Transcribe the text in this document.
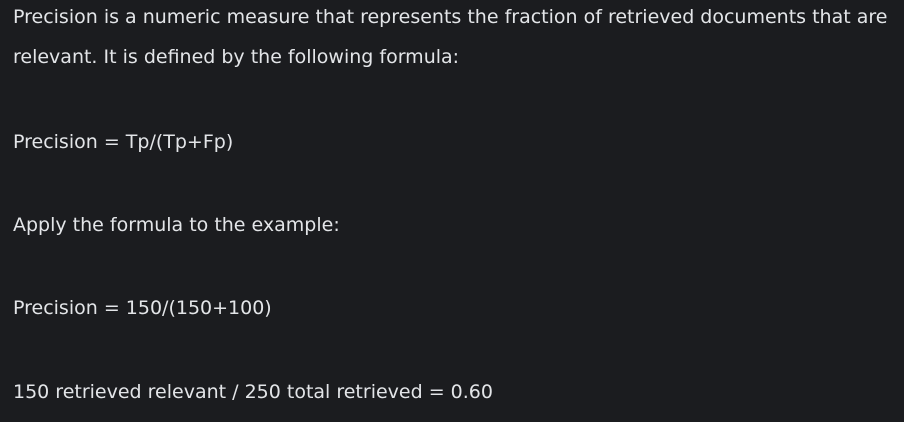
Precision is a numeric measure that represents the fraction of retrieved documents that are
relevant. It is defined by the following formula:

Precision = Tp/(Tp+Fp)

Apply the formula to the example:

Precision = 150/(150+100)

150 retrieved relevant / 250 total retrieved = 0.60
